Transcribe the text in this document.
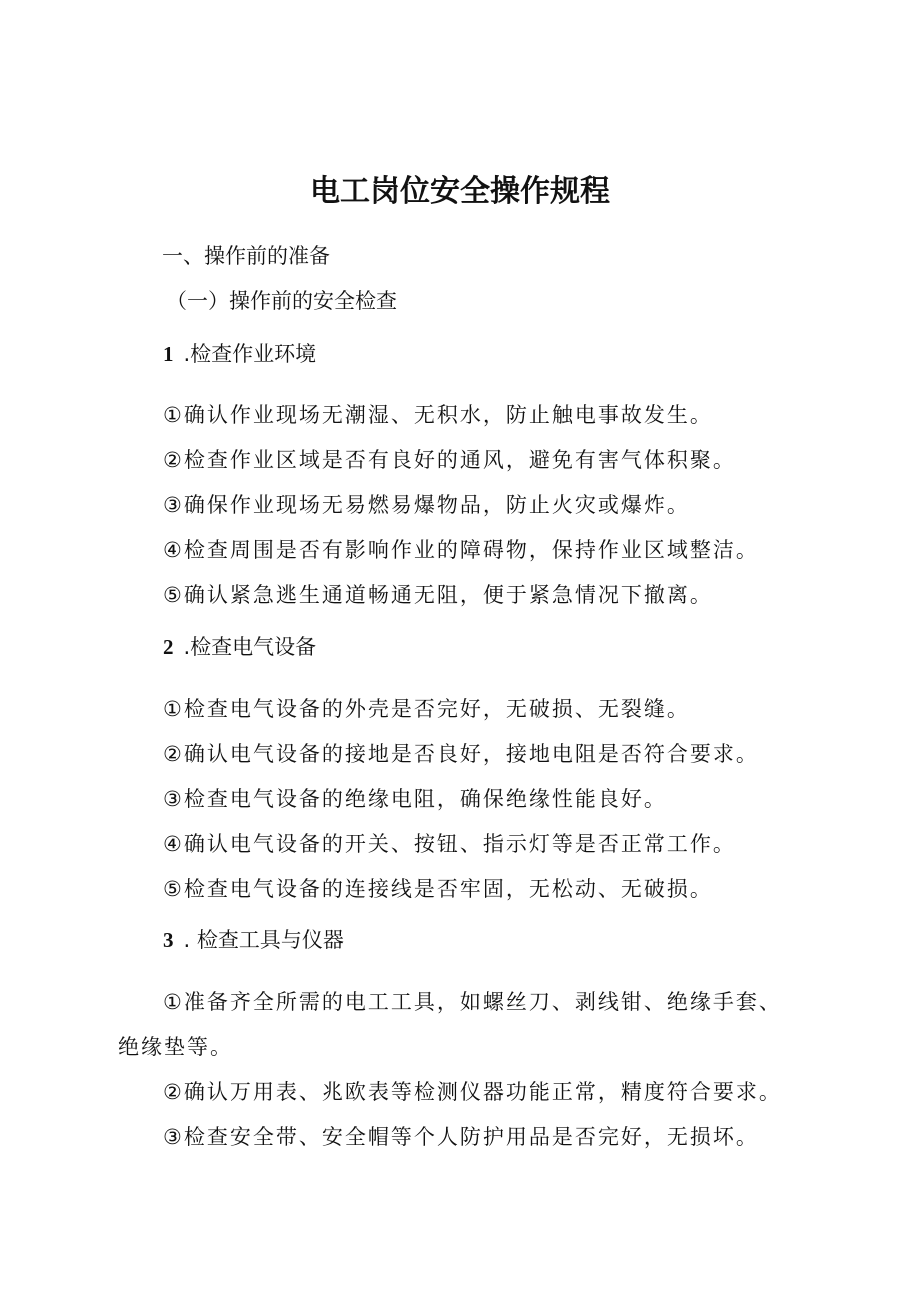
电工岗位安全操作规程
一、操作前的准备
（一）操作前的安全检查
1 .检查作业环境
①确认作业现场无潮湿、无积水，防止触电事故发生。
②检查作业区域是否有良好的通风，避免有害气体积聚。
③确保作业现场无易燃易爆物品，防止火灾或爆炸。
④检查周围是否有影响作业的障碍物，保持作业区域整洁。
⑤确认紧急逃生通道畅通无阻，便于紧急情况下撤离。
2 .检查电气设备
①检查电气设备的外壳是否完好，无破损、无裂缝。
②确认电气设备的接地是否良好，接地电阻是否符合要求。
③检查电气设备的绝缘电阻，确保绝缘性能良好。
④确认电气设备的开关、按钮、指示灯等是否正常工作。
⑤检查电气设备的连接线是否牢固，无松动、无破损。
3 . 检查工具与仪器
①准备齐全所需的电工工具，如螺丝刀、剥线钳、绝缘手套、
绝缘垫等。
②确认万用表、兆欧表等检测仪器功能正常，精度符合要求。
③检查安全带、安全帽等个人防护用品是否完好，无损坏。
